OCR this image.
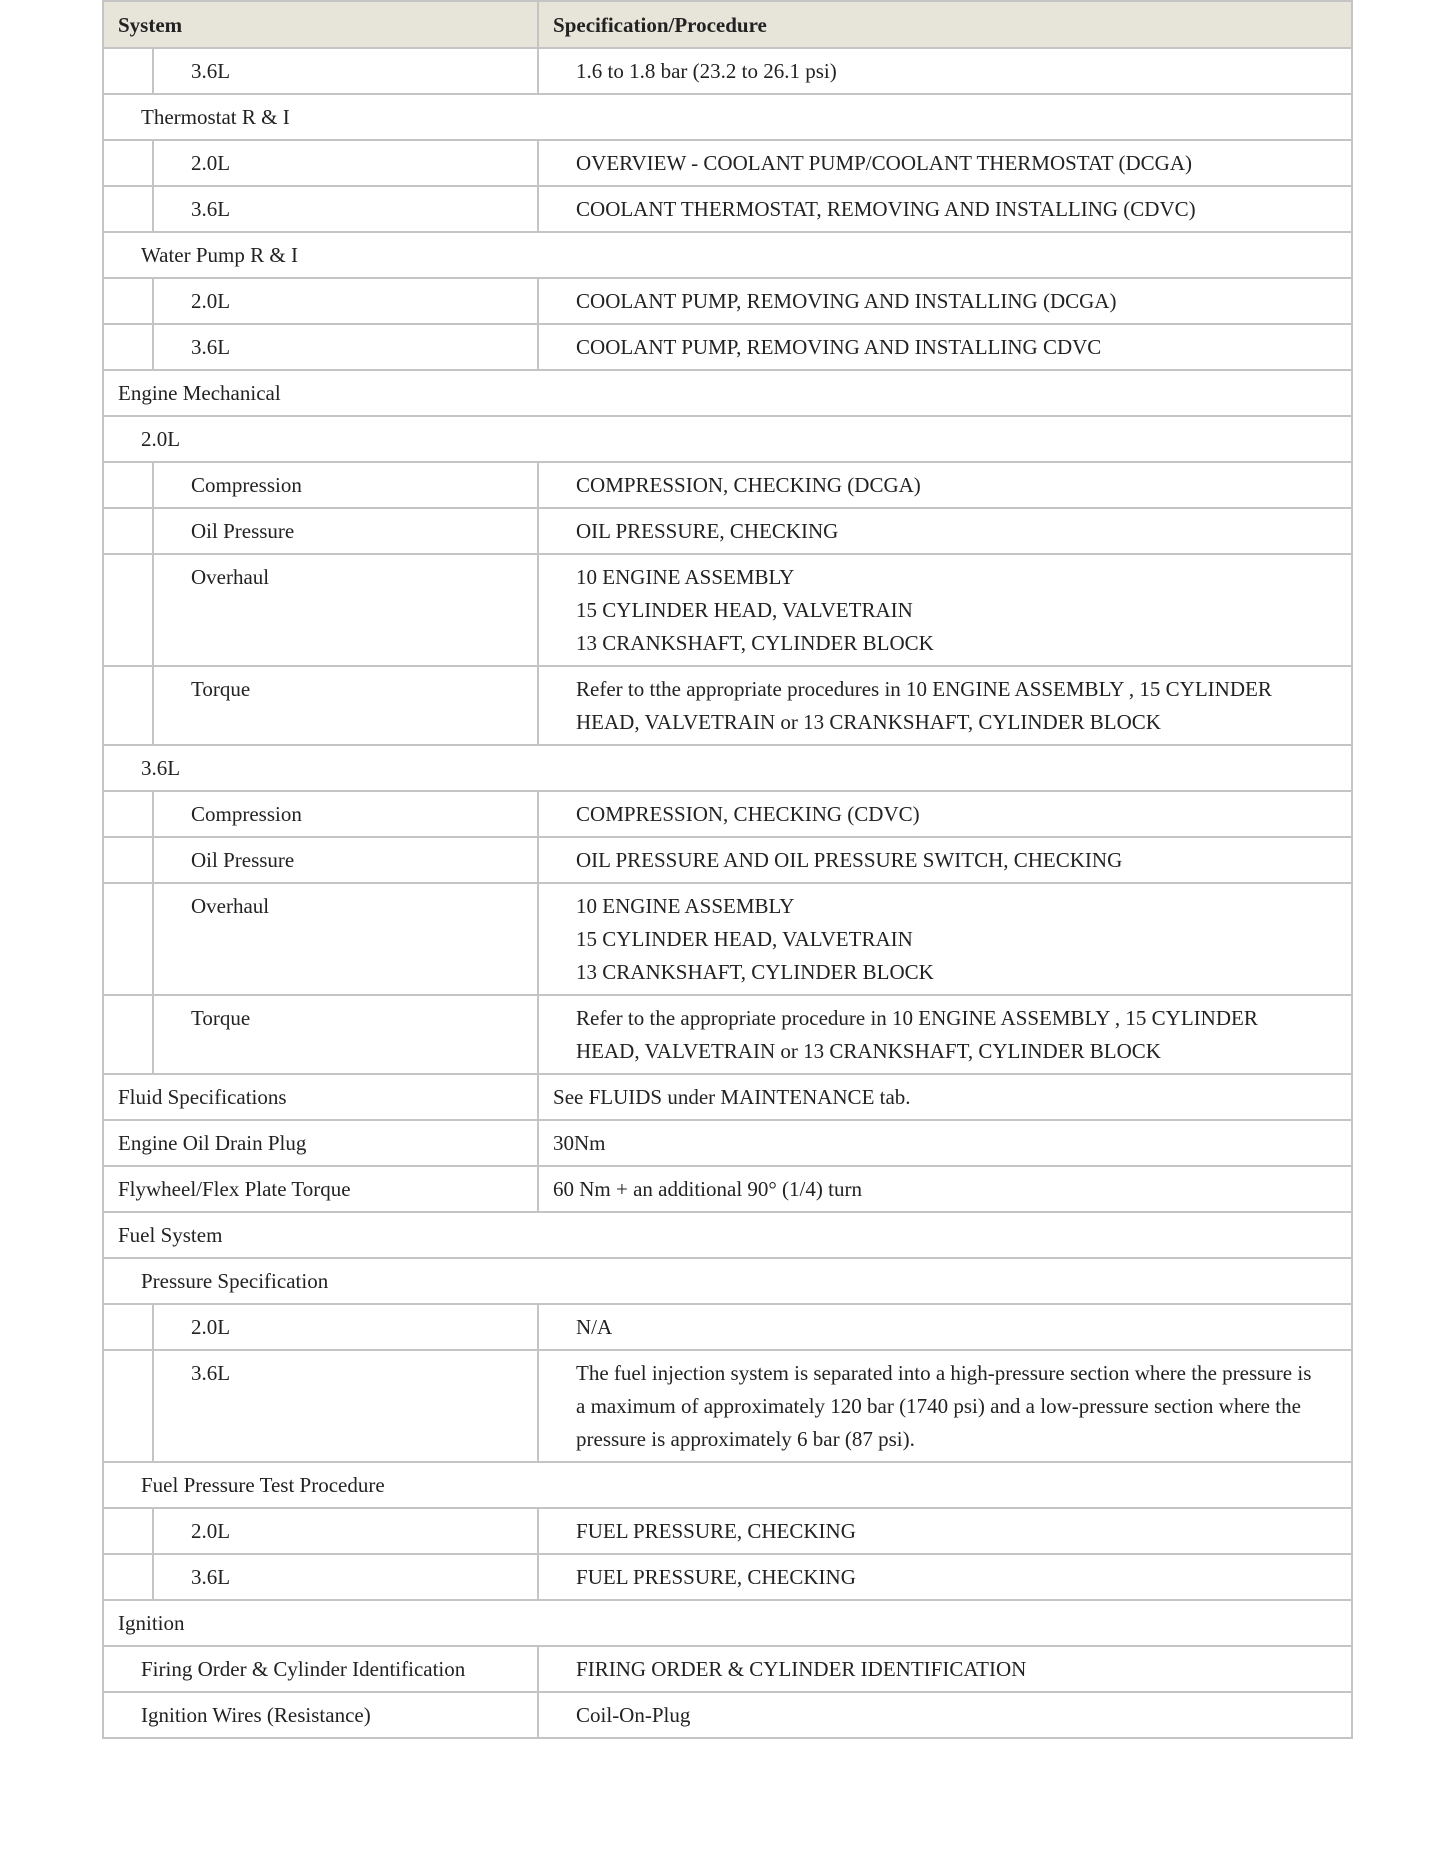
System		Specification/Procedure

	3.6L	1.6 to 1.8 bar (23.2 to 26.1 psi)

Thermostat R & I		

	2.0L	OVERVIEW - COOLANT PUMP/COOLANT THERMOSTAT (DCGA)

	3.6L	COOLANT THERMOSTAT, REMOVING AND INSTALLING (CDVC)

Water Pump R & I		

	2.0L	COOLANT PUMP, REMOVING AND INSTALLING (DCGA)

	3.6L	COOLANT PUMP, REMOVING AND INSTALLING CDVC

Engine Mechanical		

2.0L		

	Compression	COMPRESSION, CHECKING (DCGA)

	Oil Pressure	OIL PRESSURE, CHECKING

	Overhaul	10 ENGINE ASSEMBLY
15 CYLINDER HEAD, VALVETRAIN
13 CRANKSHAFT, CYLINDER BLOCK

	Torque	Refer to tthe appropriate procedures in 10 ENGINE ASSEMBLY , 15 CYLINDER
HEAD, VALVETRAIN or 13 CRANKSHAFT, CYLINDER BLOCK

3.6L		

	Compression	COMPRESSION, CHECKING (CDVC)

	Oil Pressure	OIL PRESSURE AND OIL PRESSURE SWITCH, CHECKING

	Overhaul	10 ENGINE ASSEMBLY
15 CYLINDER HEAD, VALVETRAIN
13 CRANKSHAFT, CYLINDER BLOCK

	Torque	Refer to the appropriate procedure in 10 ENGINE ASSEMBLY , 15 CYLINDER
HEAD, VALVETRAIN or 13 CRANKSHAFT, CYLINDER BLOCK

Fluid Specifications		See FLUIDS under MAINTENANCE tab.

Engine Oil Drain Plug		30Nm

Flywheel/Flex Plate Torque		60 Nm + an additional 90° (1/4) turn

Fuel System		

Pressure Specification		

	2.0L	N/A

	3.6L	The fuel injection system is separated into a high-pressure section where the pressure is
a maximum of approximately 120 bar (1740 psi) and a low-pressure section where the
pressure is approximately 6 bar (87 psi).

Fuel Pressure Test Procedure		

	2.0L	FUEL PRESSURE, CHECKING

	3.6L	FUEL PRESSURE, CHECKING

Ignition		

Firing Order & Cylinder Identification		FIRING ORDER & CYLINDER IDENTIFICATION

Ignition Wires (Resistance)		Coil-On-Plug
